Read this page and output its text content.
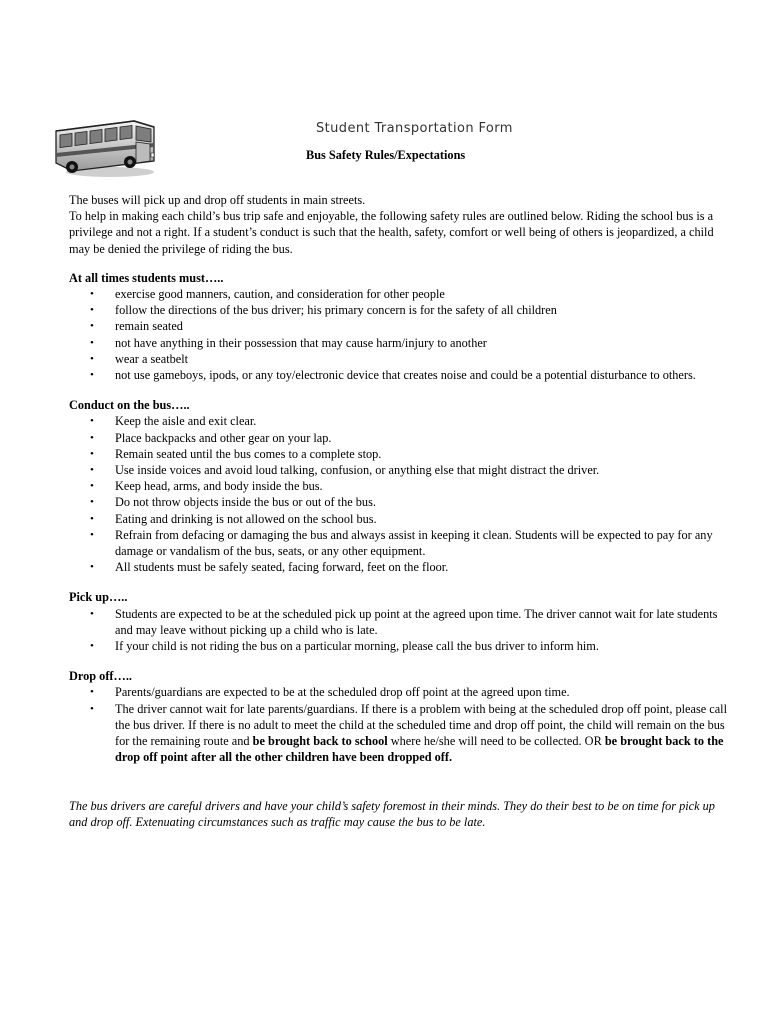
Student Transportation Form
Bus Safety Rules/Expectations

The buses will pick up and drop off students in main streets.

To help in making each child’s bus trip safe and enjoyable, the following safety rules are outlined below. Riding the school bus is a privilege and not a right. If a student’s conduct is such that the health, safety, comfort or well being of others is jeopardized, a child may be denied the privilege of riding the bus.

At all times students must…..

• exercise good manners, caution, and consideration for other people
• follow the directions of the bus driver; his primary concern is for the safety of all children
• remain seated
• not have anything in their possession that may cause harm/injury to another
• wear a seatbelt
• not use gameboys, ipods, or any toy/electronic device that creates noise and could be a potential disturbance to others.

Conduct on the bus…..

• Keep the aisle and exit clear.
• Place backpacks and other gear on your lap.
• Remain seated until the bus comes to a complete stop.
• Use inside voices and avoid loud talking, confusion, or anything else that might distract the driver.
• Keep head, arms, and body inside the bus.
• Do not throw objects inside the bus or out of the bus.
• Eating and drinking is not allowed on the school bus.
• Refrain from defacing or damaging the bus and always assist in keeping it clean. Students will be expected to pay for any damage or vandalism of the bus, seats, or any other equipment.
• All students must be safely seated, facing forward, feet on the floor.

Pick up…..

• Students are expected to be at the scheduled pick up point at the agreed upon time. The driver cannot wait for late students and may leave without picking up a child who is late.
• If your child is not riding the bus on a particular morning, please call the bus driver to inform him.

Drop off…..

• Parents/guardians are expected to be at the scheduled drop off point at the agreed upon time.
• The driver cannot wait for late parents/guardians. If there is a problem with being at the scheduled drop off point, please call the bus driver. If there is no adult to meet the child at the scheduled time and drop off point, the child will remain on the bus for the remaining route and be brought back to school where he/she will need to be collected. OR be brought back to the drop off point after all the other children have been dropped off.

The bus drivers are careful drivers and have your child’s safety foremost in their minds. They do their best to be on time for pick up and drop off. Extenuating circumstances such as traffic may cause the bus to be late.
